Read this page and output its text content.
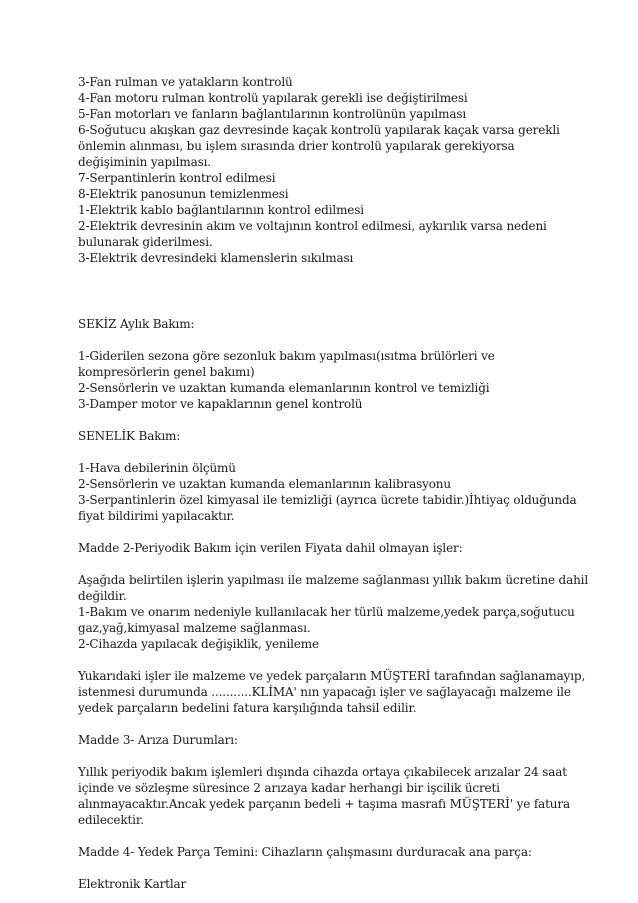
3-Fan rulman ve yatakların kontrolü
4-Fan motoru rulman kontrolü yapılarak gerekli ise değiştirilmesi
5-Fan motorları ve fanların bağlantılarının kontrolünün yapılması
6-Soğutucu akışkan gaz devresinde kaçak kontrolü yapılarak kaçak varsa gerekli
önlemin alınması, bu işlem sırasında drier kontrolü yapılarak gerekiyorsa
değişiminin yapılması.
7-Serpantinlerin kontrol edilmesi
8-Elektrik panosunun temizlenmesi
1-Elektrik kablo bağlantılarının kontrol edilmesi
2-Elektrik devresinin akım ve voltajının kontrol edilmesi, aykırılık varsa nedeni
bulunarak giderilmesi.
3-Elektrik devresindeki klamenslerin sıkılması
SEKİZ Aylık Bakım:
1-Giderilen sezona göre sezonluk bakım yapılması(ısıtma brülörleri ve
kompresörlerin genel bakımı)
2-Sensörlerin ve uzaktan kumanda elemanlarının kontrol ve temizliği
3-Damper motor ve kapaklarının genel kontrolü
SENELİK Bakım:
1-Hava debilerinin ölçümü
2-Sensörlerin ve uzaktan kumanda elemanlarının kalibrasyonu
3-Serpantinlerin özel kimyasal ile temizliği (ayrıca ücrete tabidir.)İhtiyaç olduğunda
fiyat bildirimi yapılacaktır.
Madde 2-Periyodik Bakım için verilen Fiyata dahil olmayan işler:
Aşağıda belirtilen işlerin yapılması ile malzeme sağlanması yıllık bakım ücretine dahil
değildir.
1-Bakım ve onarım nedeniyle kullanılacak her türlü malzeme,yedek parça,soğutucu
gaz,yağ,kimyasal malzeme sağlanması.
2-Cihazda yapılacak değişiklik, yenileme
Yukarıdaki işler ile malzeme ve yedek parçaların MÜŞTERİ tarafından sağlanamayıp,
istenmesi durumunda ...........KLİMA' nın yapacağı işler ve sağlayacağı malzeme ile
yedek parçaların bedelini fatura karşılığında tahsil edilir.
Madde 3- Arıza Durumları:
Yıllık periyodik bakım işlemleri dışında cihazda ortaya çıkabilecek arızalar 24 saat
içinde ve sözleşme süresince 2 arızaya kadar herhangi bir işcilik ücreti
alınmayacaktır.Ancak yedek parçanın bedeli + taşıma masrafı MÜŞTERİ' ye fatura
edilecektir.
Madde 4- Yedek Parça Temini: Cihazların çalışmasını durduracak ana parça:
Elektronik Kartlar
